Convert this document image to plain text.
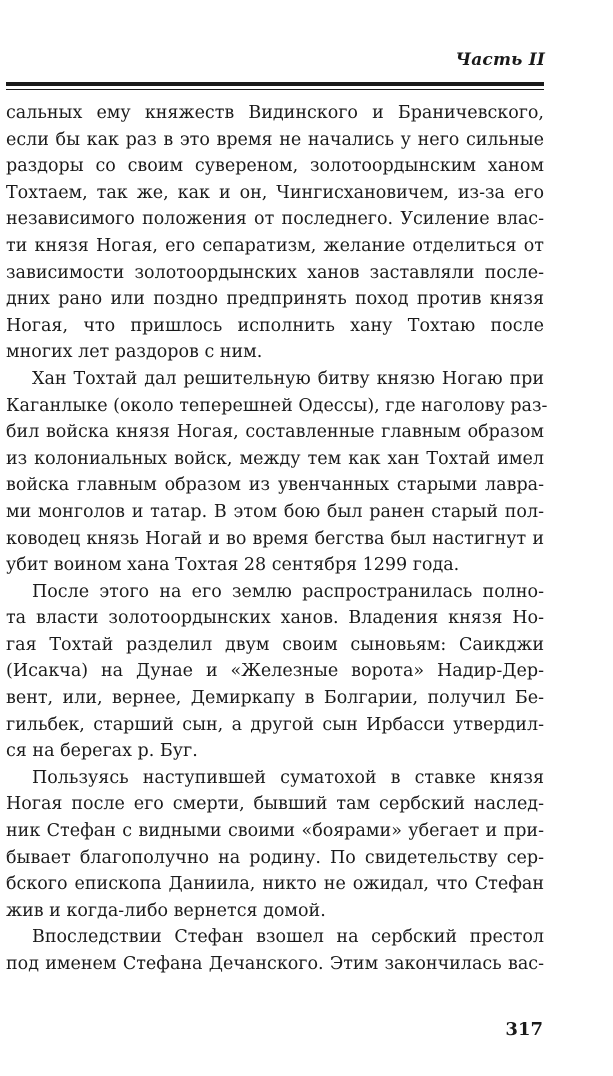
Часть II
сальных ему княжеств Видинского и Браничевского,
если бы как раз в это время не начались у него сильные
раздоры со своим сувереном, золотоордынским ханом
Тохтаем, так же, как и он, Чингисхановичем, из-за его
независимого положения от последнего. Усиление влас-
ти князя Ногая, его сепаратизм, желание отделиться от
зависимости золотоордынских ханов заставляли после-
дних рано или поздно предпринять поход против князя
Ногая, что пришлось исполнить хану Тохтаю после
многих лет раздоров с ним.
Хан Тохтай дал решительную битву князю Ногаю при
Каганлыке (около теперешней Одессы), где наголову раз-
бил войска князя Ногая, составленные главным образом
из колониальных войск, между тем как хан Тохтай имел
войска главным образом из увенчанных старыми лавра-
ми монголов и татар. В этом бою был ранен старый пол-
ководец князь Ногай и во время бегства был настигнут и
убит воином хана Тохтая 28 сентября 1299 года.
После этого на его землю распространилась полно-
та власти золотоордынских ханов. Владения князя Но-
гая Тохтай разделил двум своим сыновьям: Саикджи
(Исакча) на Дунае и «Железные ворота» Надир-Дер-
вент, или, вернее, Демиркапу в Болгарии, получил Бе-
гильбек, старший сын, а другой сын Ирбасси утвердил-
ся на берегах р. Буг.
Пользуясь наступившей суматохой в ставке князя
Ногая после его смерти, бывший там сербский наслед-
ник Стефан с видными своими «боярами» убегает и при-
бывает благополучно на родину. По свидетельству сер-
бского епископа Даниила, никто не ожидал, что Стефан
жив и когда-либо вернется домой.
Впоследствии Стефан взошел на сербский престол
под именем Стефана Дечанского. Этим закончилась вас-
317
